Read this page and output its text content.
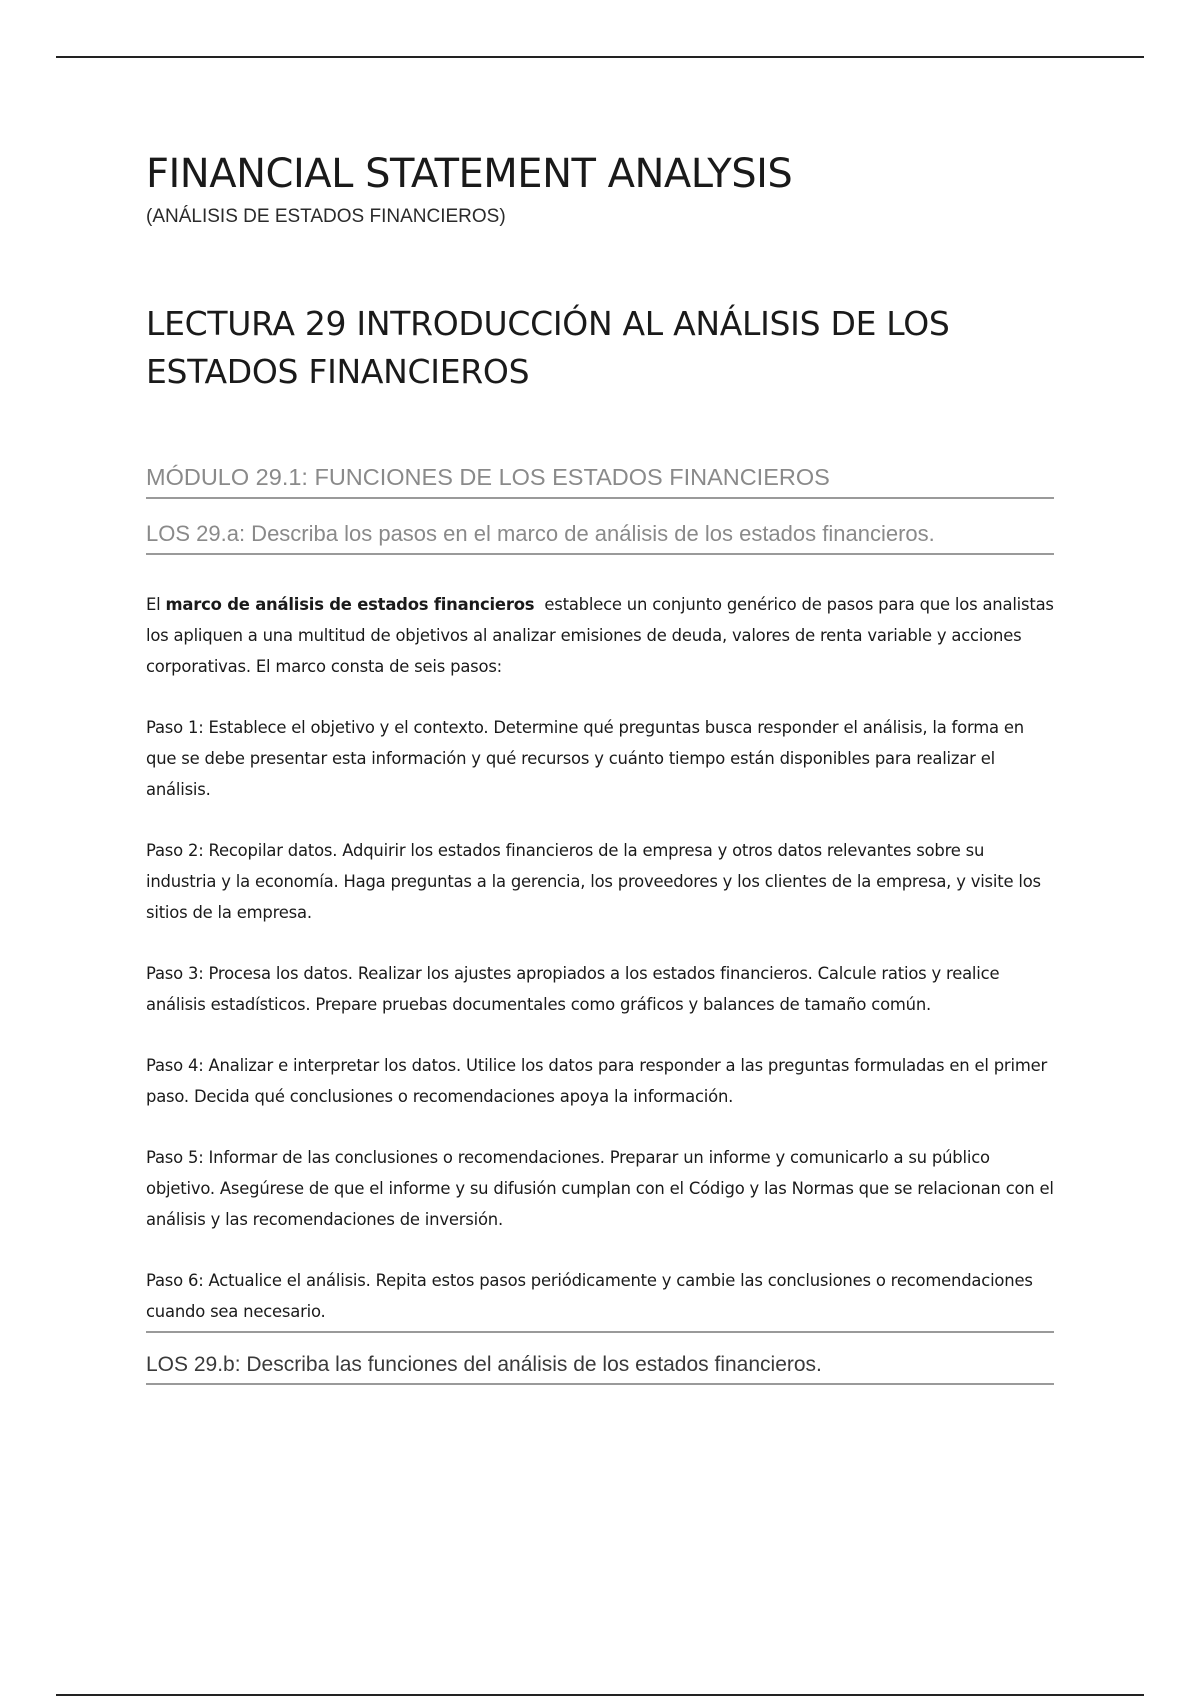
FINANCIAL STATEMENT ANALYSIS

(ANÁLISIS DE ESTADOS FINANCIEROS)

LECTURA 29 INTRODUCCIÓN AL ANÁLISIS DE LOS ESTADOS FINANCIEROS
MÓDULO 29.1: FUNCIONES DE LOS ESTADOS FINANCIEROS
LOS 29.a: Describa los pasos en el marco de análisis de los estados financieros.

El marco de análisis de estados financieros  establece un conjunto genérico de pasos para que los analistas los apliquen a una multitud de objetivos al analizar emisiones de deuda, valores de renta variable y acciones corporativas. El marco consta de seis pasos:

Paso 1: Establece el objetivo y el contexto. Determine qué preguntas busca responder el análisis, la forma en que se debe presentar esta información y qué recursos y cuánto tiempo están disponibles para realizar el análisis.

Paso 2: Recopilar datos. Adquirir los estados financieros de la empresa y otros datos relevantes sobre su industria y la economía. Haga preguntas a la gerencia, los proveedores y los clientes de la empresa, y visite los sitios de la empresa.

Paso 3: Procesa los datos. Realizar los ajustes apropiados a los estados financieros. Calcule ratios y realice análisis estadísticos. Prepare pruebas documentales como gráficos y balances de tamaño común.

Paso 4: Analizar e interpretar los datos. Utilice los datos para responder a las preguntas formuladas en el primer paso. Decida qué conclusiones o recomendaciones apoya la información.

Paso 5: Informar de las conclusiones o recomendaciones. Preparar un informe y comunicarlo a su público objetivo. Asegúrese de que el informe y su difusión cumplan con el Código y las Normas que se relacionan con el análisis y las recomendaciones de inversión.

Paso 6: Actualice el análisis. Repita estos pasos periódicamente y cambie las conclusiones o recomendaciones cuando sea necesario.

LOS 29.b: Describa las funciones del análisis de los estados financieros.
